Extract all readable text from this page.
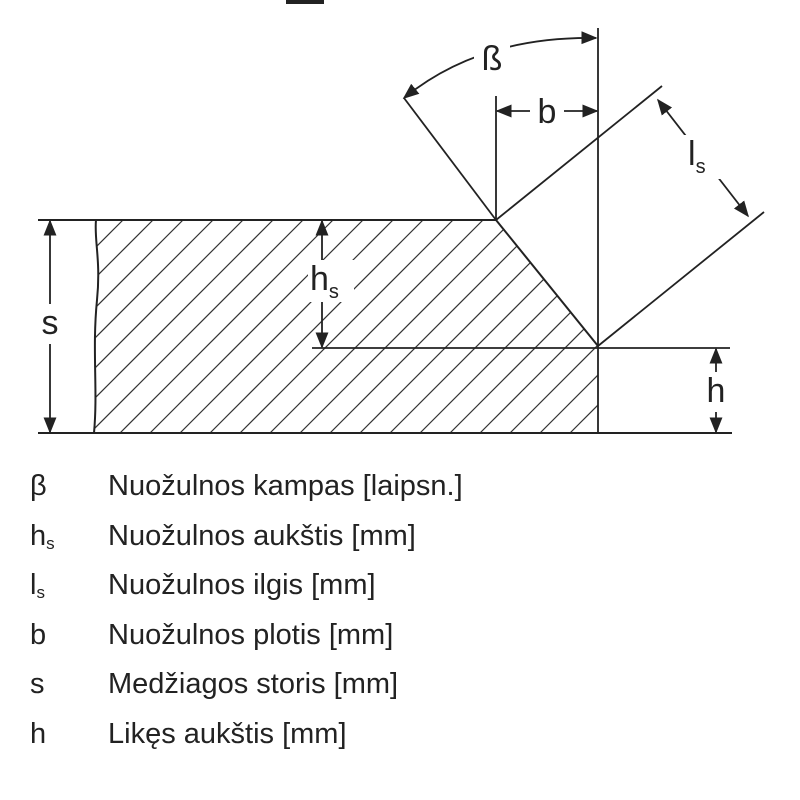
ß
b
$l_s$
$h_s$
s
h
β	Nuožulnos kampas [laipsn.]
$h_s$	Nuožulnos aukštis [mm]
$l_s$	Nuožulnos ilgis [mm]
b	Nuožulnos plotis [mm]
s	Medžiagos storis [mm]
h	Likęs aukštis [mm]
